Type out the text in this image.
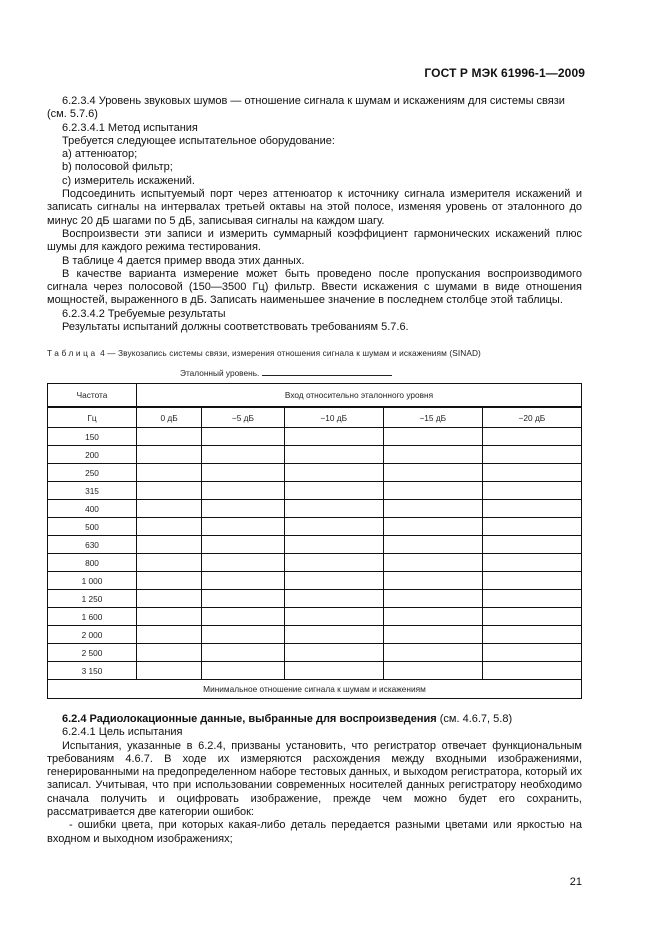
ГОСТ Р МЭК 61996-1—2009

6.2.3.4 Уровень звуковых шумов — отношение сигнала к шумам и искажениям для системы связи

(см. 5.7.6)

6.2.3.4.1 Метод испытания

Требуется следующее испытательное оборудование:

a) аттенюатор;

b) полосовой фильтр;

c) измеритель искажений.

Подсоединить испытуемый порт через аттенюатор к источнику сигнала измерителя искажений и записать сигналы на интервалах третьей октавы на этой полосе, изменяя уровень от эталонного до минус 20 дБ шагами по 5 дБ, записывая сигналы на каждом шагу.

Воспроизвести эти записи и измерить суммарный коэффициент гармонических искажений плюс шумы для каждого режима тестирования.

В таблице 4 дается пример ввода этих данных.

В качестве варианта измерение может быть проведено после пропускания воспроизводимого сигнала через полосовой (150—3500 Гц) фильтр. Ввести искажения с шумами в виде отношения мощностей, выраженного в дБ. Записать наименьшее значение в последнем столбце этой таблицы.

6.2.3.4.2 Требуемые результаты

Результаты испытаний должны соответствовать требованиям 5.7.6.

Таблица 4 — Звукозапись системы связи, измерения отношения сигнала к шумам и искажениям (SINAD)
Эталонный уровень.
Частота	Вход относительно эталонного уровня				
Гц	0 дБ	−5 дБ	−10 дБ	−15 дБ	−20 дБ
150					
200					
250					
315					
400					
500					
630					
800					
1 000					
1 250					
1 600					
2 000					
2 500					
3 150					
Минимальное отношение сигнала к шумам и искажениям					

6.2.4 Радиолокационные данные, выбранные для воспроизведения (см. 4.6.7, 5.8)

6.2.4.1 Цель испытания

Испытания, указанные в 6.2.4, призваны установить, что регистратор отвечает функциональным требованиям 4.6.7. В ходе их измеряются расхождения между входными изображениями, генерированными на предопределенном наборе тестовых данных, и выходом регистратора, который их записал. Учитывая, что при использовании современных носителей данных регистратору необходимо сначала получить и оцифровать изображение, прежде чем можно будет его сохранить, рассматривается две категории ошибок:

- ошибки цвета, при которых какая-либо деталь передается разными цветами или яркостью на входном и выходном изображениях;

21
